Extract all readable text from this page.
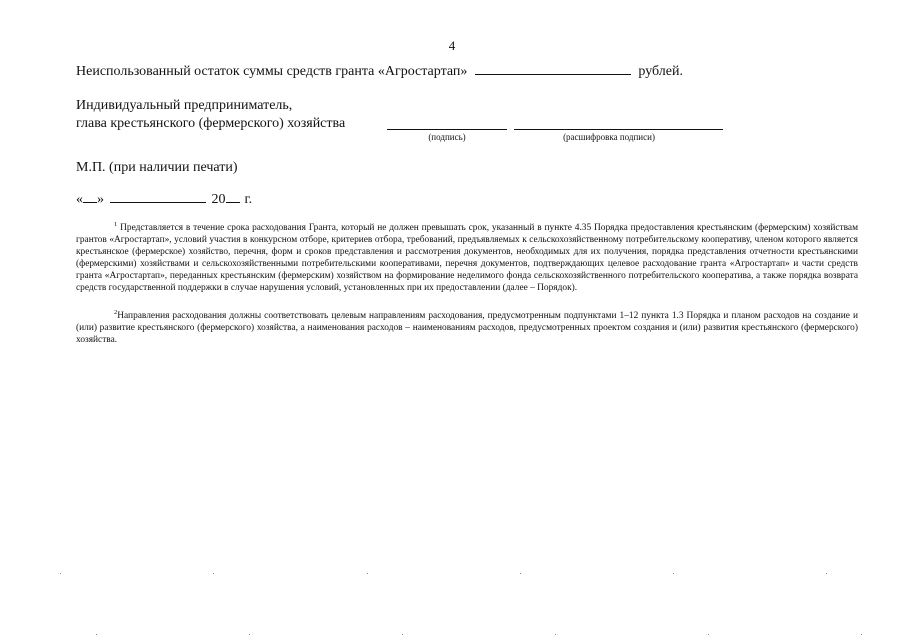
4
Неиспользованный остаток суммы средств гранта «Агростартап»	рублей.
Индивидуальный предприниматель,
глава крестьянского (фермерского) хозяйства
(подпись)	(расшифровка подписи)
М.П. (при наличии печати)
« »	20 г.
$^1$ Представляется в течение срока расходования Гранта, который не должен превышать срок, указанный в пункте 4.35 Порядка предоставления крестьянским (фермерским) хозяйствам грантов «Агростартап», условий участия в конкурсном отборе, критериев отбора, требований, предъявляемых к сельскохозяйственному потребительскому кооперативу, членом которого является крестьянское (фермерское) хозяйство, перечня, форм и сроков представления и рассмотрения документов, необходимых для их получения, порядка представления отчетности крестьянскими (фермерскими) хозяйствами и сельскохозяйственными потребительскими кооперативами, перечня документов, подтверждающих целевое расходование гранта «Агростартап» и части средств гранта «Агростартап», переданных крестьянским (фермерским) хозяйством на формирование неделимого фонда сельскохозяйственного потребительского кооператива, а также порядка возврата средств государственной поддержки в случае нарушения условий, установленных при их предоставлении (далее – Порядок).
$^2$Направления расходования должны соответствовать целевым направлениям расходования, предусмотренным подпунктами 1–12 пункта 1.3 Порядка и планом расходов на создание и (или) развитие крестьянского (фермерского) хозяйства, а наименования расходов – наименованиям расходов, предусмотренных проектом создания и (или) развития крестьянского (фермерского) хозяйства.
